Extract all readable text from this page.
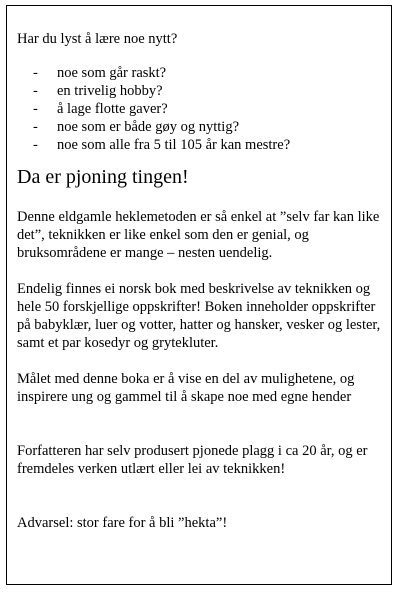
Har du lyst å lære noe nytt?

- noe som går raskt?
- en trivelig hobby?
- å lage flotte gaver?
- noe som er både gøy og nyttig?
- noe som alle fra 5 til 105 år kan mestre?
Da er pjoning tingen!

Denne eldgamle heklemetoden er så enkel at ”selv far kan like det”, teknikken er like enkel som den er genial, og bruksområdene er mange – nesten uendelig.

Endelig finnes ei norsk bok med beskrivelse av teknikken og hele 50 forskjellige oppskrifter! Boken inneholder oppskrifter på babyklær, luer og votter, hatter og hansker, vesker og lester, samt et par kosedyr og grytekluter.

Målet med denne boka er å vise en del av mulighetene, og inspirere ung og gammel til å skape noe med egne hender

Forfatteren har selv produsert pjonede plagg i ca 20 år, og er fremdeles verken utlært eller lei av teknikken!

Advarsel: stor fare for å bli ”hekta”!
